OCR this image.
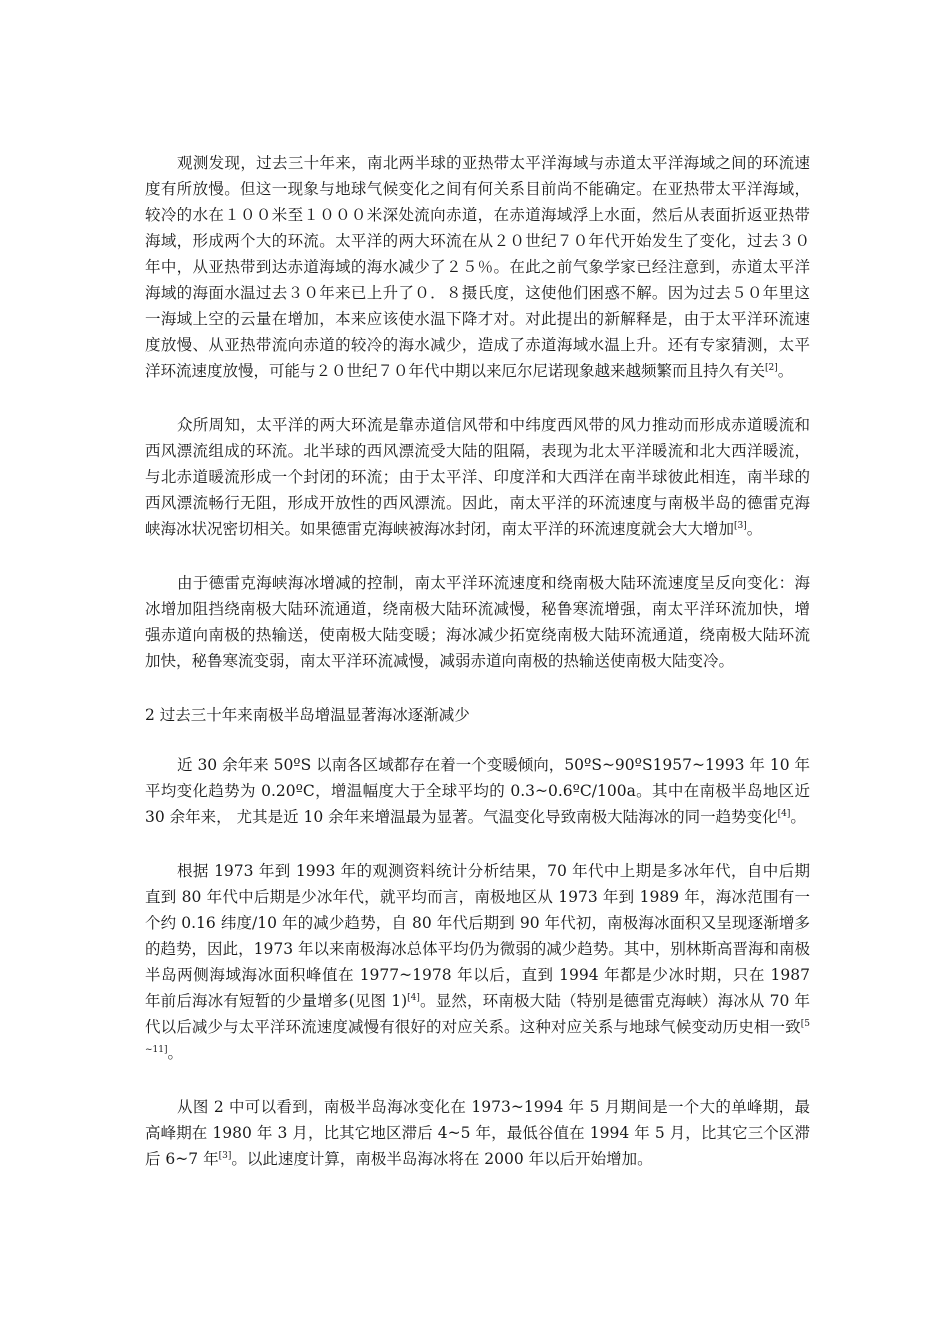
观测发现，过去三十年来，南北两半球的亚热带太平洋海域与赤道太平洋海域之间的环流速度有所放慢。但这一现象与地球气候变化之间有何关系目前尚不能确定。在亚热带太平洋海域，较冷的水在１００米至１０００米深处流向赤道，在赤道海域浮上水面，然后从表面折返亚热带海域，形成两个大的环流。太平洋的两大环流在从２０世纪７０年代开始发生了变化，过去３０年中，从亚热带到达赤道海域的海水减少了２５％。在此之前气象学家已经注意到，赤道太平洋海域的海面水温过去３０年来已上升了０．８摄氏度，这使他们困惑不解。因为过去５０年里这一海域上空的云量在增加，本来应该使水温下降才对。对此提出的新解释是，由于太平洋环流速度放慢、从亚热带流向赤道的较冷的海水减少，造成了赤道海域水温上升。还有专家猜测，太平洋环流速度放慢，可能与２０世纪７０年代中期以来厄尔尼诺现象越来越频繁而且持久有关[2]。

众所周知，太平洋的两大环流是靠赤道信风带和中纬度西风带的风力推动而形成赤道暖流和西风漂流组成的环流。北半球的西风漂流受大陆的阻隔，表现为北太平洋暖流和北大西洋暖流，与北赤道暖流形成一个封闭的环流；由于太平洋、印度洋和大西洋在南半球彼此相连，南半球的西风漂流畅行无阻，形成开放性的西风漂流。因此，南太平洋的环流速度与南极半岛的德雷克海峡海冰状况密切相关。如果德雷克海峡被海冰封闭，南太平洋的环流速度就会大大增加[3]。

由于德雷克海峡海冰增减的控制，南太平洋环流速度和绕南极大陆环流速度呈反向变化：海冰增加阻挡绕南极大陆环流通道，绕南极大陆环流减慢，秘鲁寒流增强，南太平洋环流加快，增强赤道向南极的热输送，使南极大陆变暖；海冰减少拓宽绕南极大陆环流通道，绕南极大陆环流加快，秘鲁寒流变弱，南太平洋环流减慢，减弱赤道向南极的热输送使南极大陆变冷。

2 过去三十年来南极半岛增温显著海冰逐渐减少

近 30 余年来 50ºS 以南各区域都存在着一个变暖倾向，50ºS~90ºS1957~1993 年 10 年平均变化趋势为 0.20ºC，增温幅度大于全球平均的 0.3~0.6ºC/100a。其中在南极半岛地区近 30 余年来， 尤其是近 10 余年来增温最为显著。气温变化导致南极大陆海冰的同一趋势变化[4]。

根据 1973 年到 1993 年的观测资料统计分析结果，70 年代中上期是多冰年代，自中后期直到 80 年代中后期是少冰年代，就平均而言，南极地区从 1973 年到 1989 年，海冰范围有一个约 0.16 纬度/10 年的减少趋势，自 80 年代后期到 90 年代初，南极海冰面积又呈现逐渐增多的趋势，因此，1973 年以来南极海冰总体平均仍为微弱的减少趋势。其中，别林斯高晋海和南极半岛两侧海域海冰面积峰值在 1977~1978 年以后，直到 1994 年都是少冰时期，只在 1987 年前后海冰有短暂的少量增多(见图 1)[4]。显然，环南极大陆（特别是德雷克海峡）海冰从 70 年代以后减少与太平洋环流速度减慢有很好的对应关系。这种对应关系与地球气候变动历史相一致[5~11]。

从图 2 中可以看到，南极半岛海冰变化在 1973~1994 年 5 月期间是一个大的单峰期，最高峰期在 1980 年 3 月，比其它地区滞后 4~5 年，最低谷值在 1994 年 5 月，比其它三个区滞后 6~7 年[3]。以此速度计算，南极半岛海冰将在 2000 年以后开始增加。
